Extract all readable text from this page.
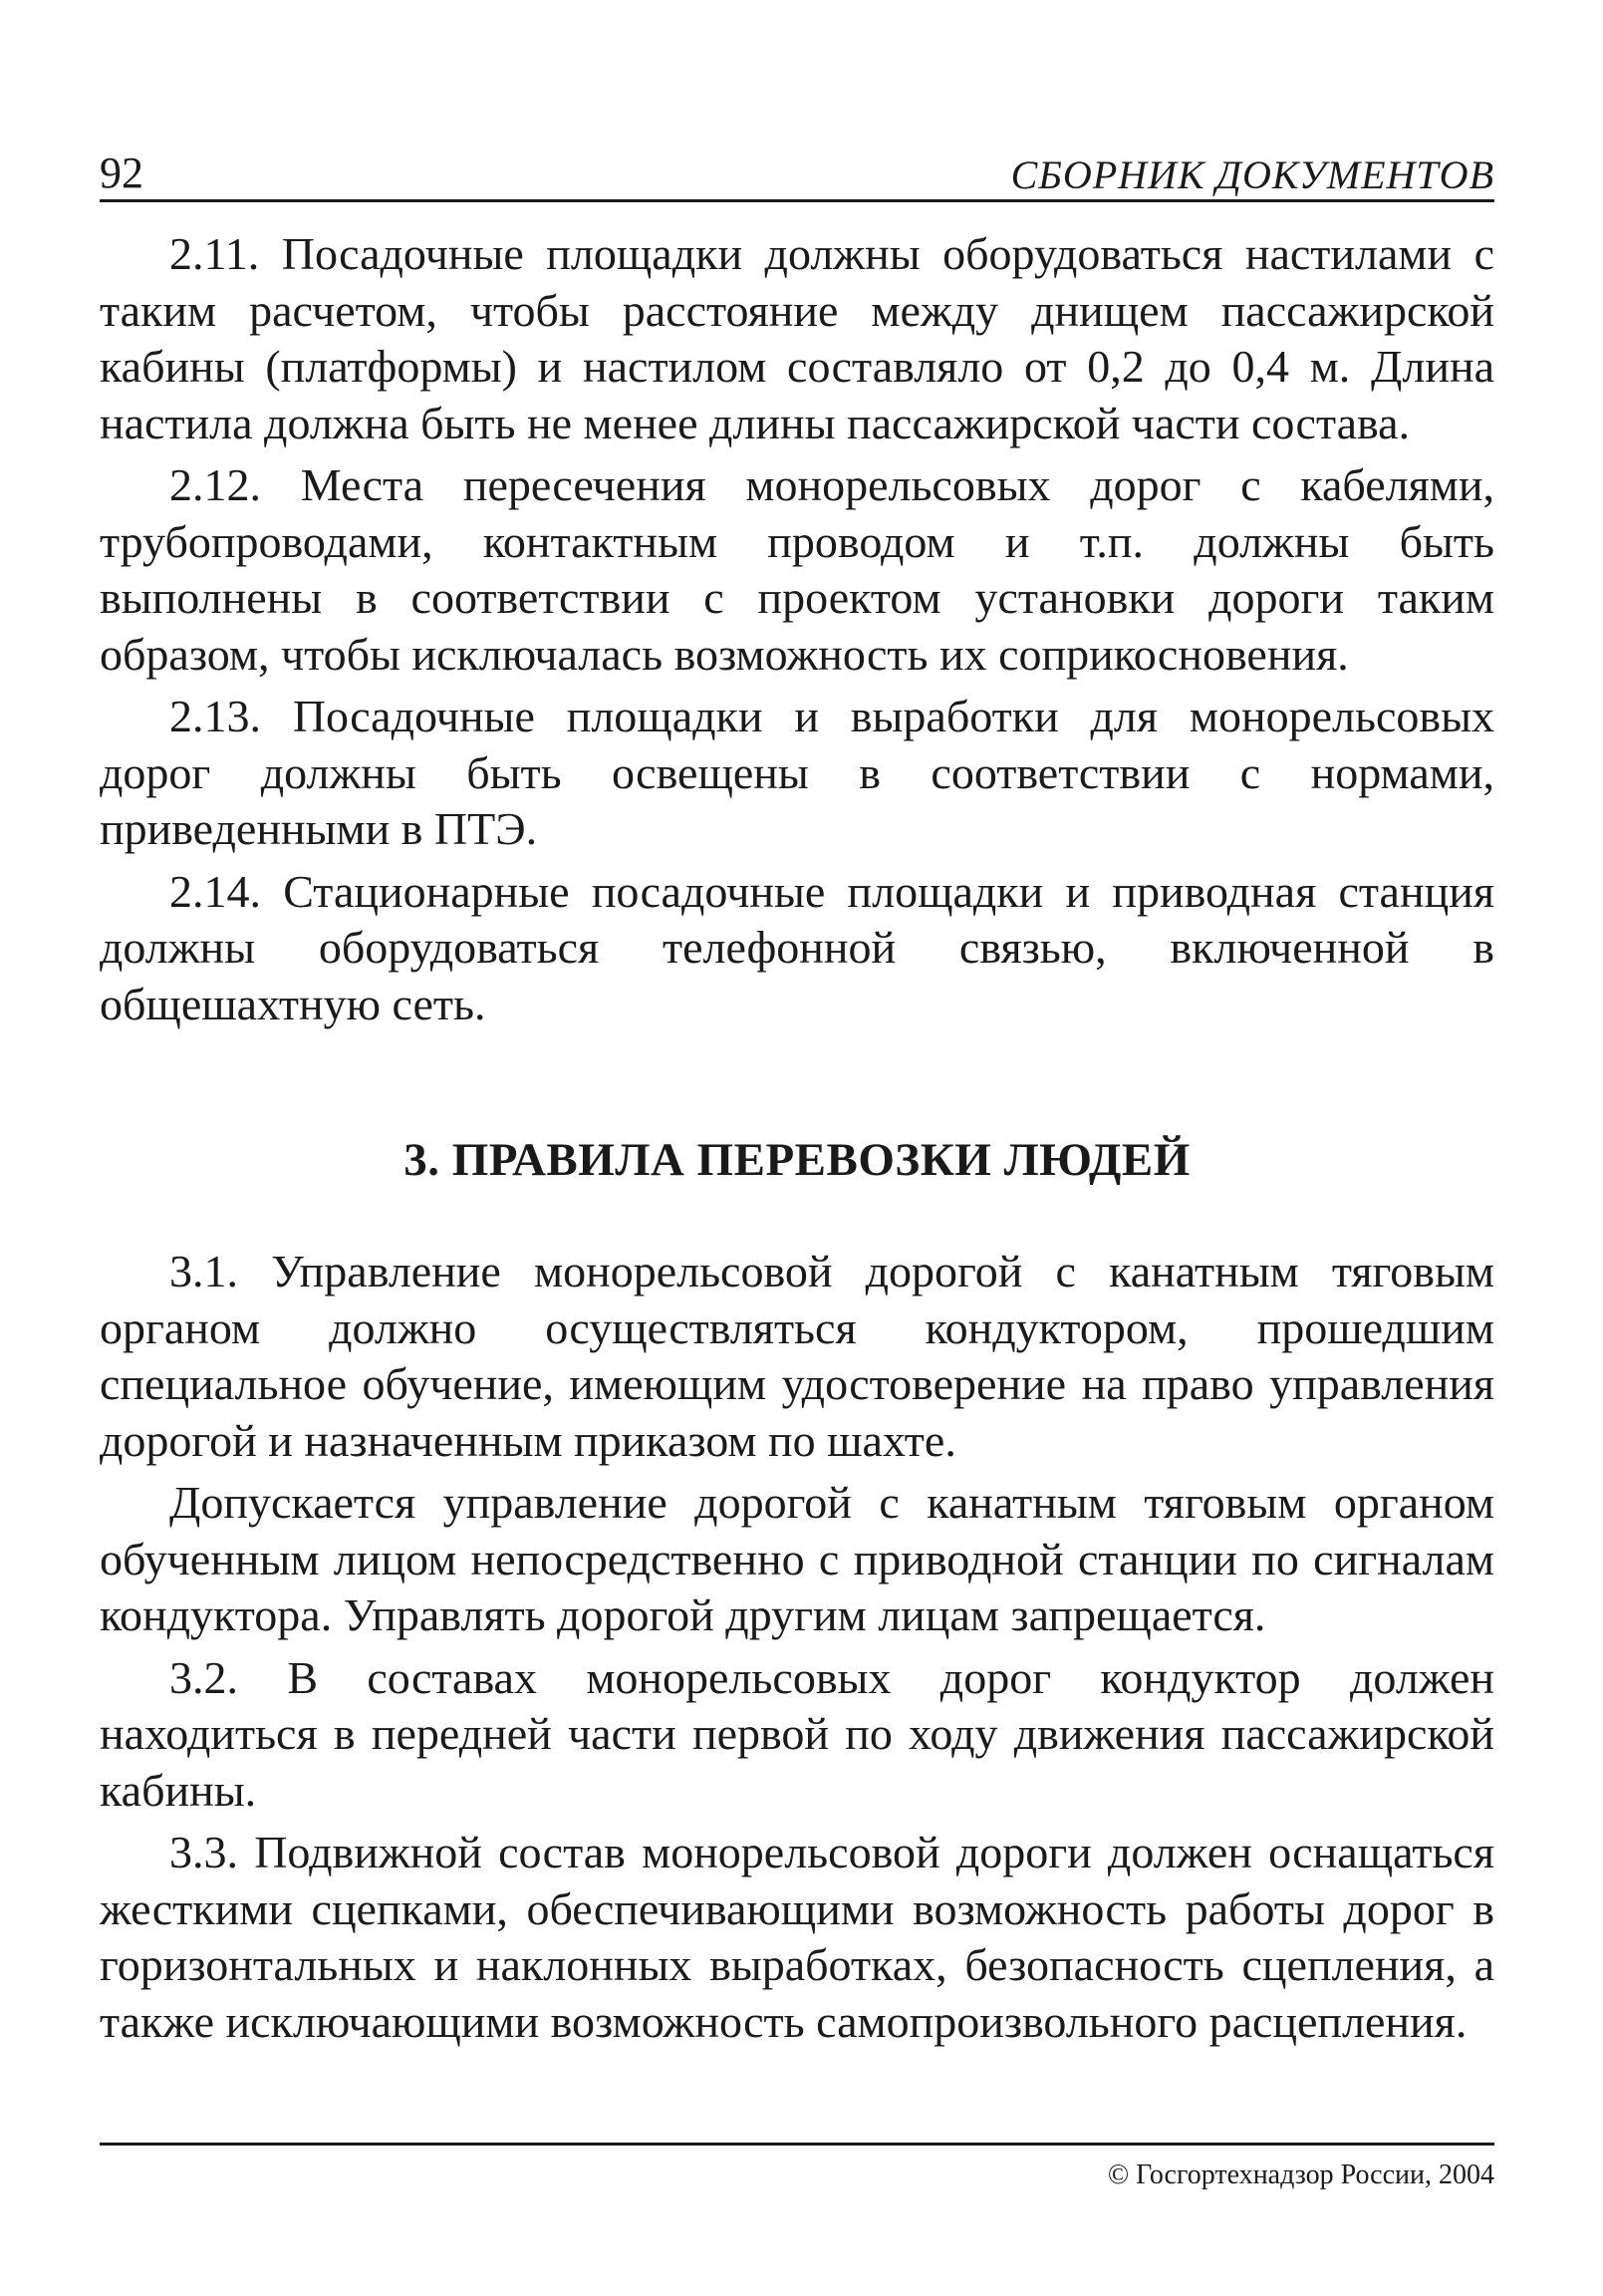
92	СБОРНИК ДОКУМЕНТОВ

2.11. Посадочные площадки должны оборудоваться настилами с таким расчетом, чтобы расстояние между днищем пассажирской кабины (платформы) и настилом составляло от 0,2 до 0,4 м. Длина настила должна быть не менее длины пассажирской части состава.

2.12. Места пересечения монорельсовых дорог с кабелями, трубопроводами, контактным проводом и т.п. должны быть выполнены в соответствии с проектом установки дороги таким образом, чтобы исключалась возможность их соприкосновения.

2.13. Посадочные площадки и выработки для монорельсовых дорог должны быть освещены в соответствии с нормами, приведенными в ПТЭ.

2.14. Стационарные посадочные площадки и приводная станция должны оборудоваться телефонной связью, включенной в общешахтную сеть.

3. ПРАВИЛА ПЕРЕВОЗКИ ЛЮДЕЙ

3.1. Управление монорельсовой дорогой с канатным тяговым органом должно осуществляться кондуктором, прошедшим специальное обучение, имеющим удостоверение на право управления дорогой и назначенным приказом по шахте.

Допускается управление дорогой с канатным тяговым органом обученным лицом непосредственно с приводной станции по сигналам кондуктора. Управлять дорогой другим лицам запрещается.

3.2. В составах монорельсовых дорог кондуктор должен находиться в передней части первой по ходу движения пассажирской кабины.

3.3. Подвижной состав монорельсовой дороги должен оснащаться жесткими сцепками, обеспечивающими возможность работы дорог в горизонтальных и наклонных выработках, безопасность сцепления, а также исключающими возможность самопроизвольного расцепления.

© Госгортехнадзор России, 2004
